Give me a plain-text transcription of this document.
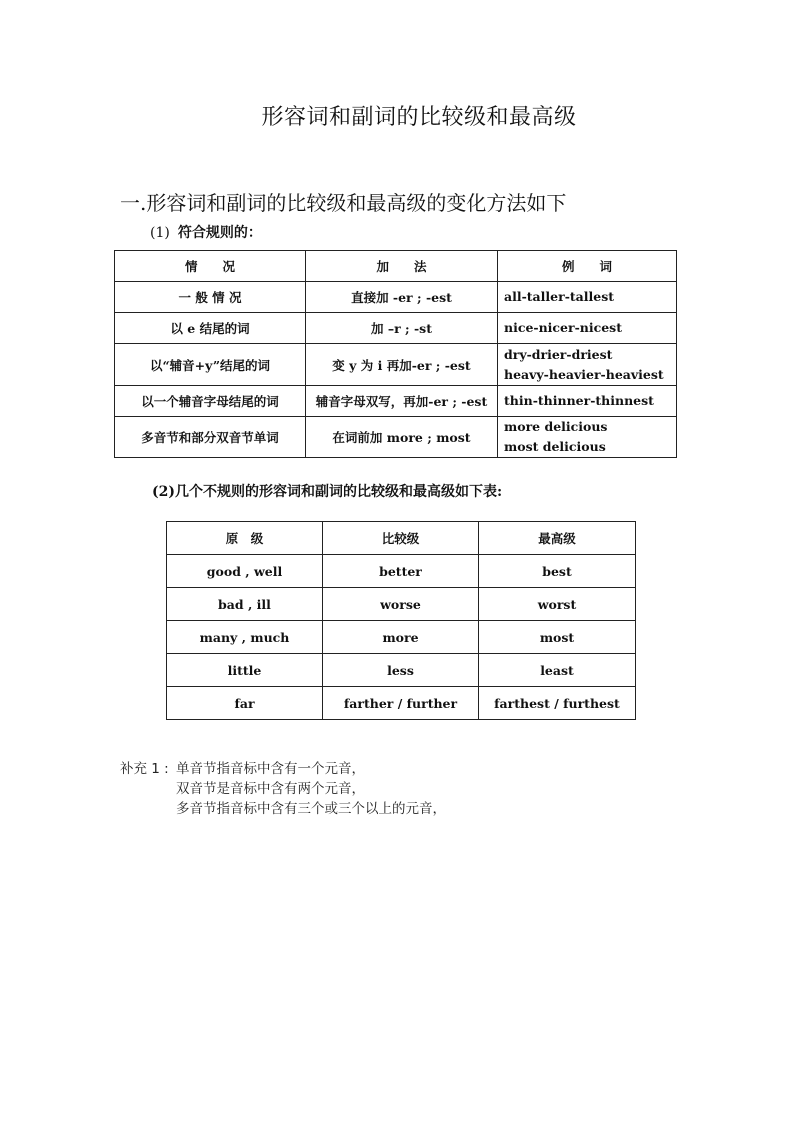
形容词和副词的比较级和最高级
一.形容词和副词的比较级和最高级的变化方法如下
(1) 符合规则的：
情　　况	加　　法	例　　词
一 般 情 况	直接加 -er ; -est	all-taller-tallest

以 e 结尾的词	加 –r ; -st	nice-nicer-nicest

以“辅音+y”结尾的词	变 y 为 i 再加-er ; -est	dry-drier-driest
heavy-heavier-heaviest

以一个辅音字母结尾的词	辅音字母双写，再加-er ; -est	thin-thinner-thinnest

多音节和部分双音节单词	在词前加 more ; most	more delicious
most delicious
(2)几个不规则的形容词和副词的比较级和最高级如下表:
原　级	比较级	最高级
good , well	better	best
bad , ill	worse	worst
many , much	more	most
little	less	least
far	farther / further	farthest / furthest
补充 1 : 单音节指音标中含有一个元音，
双音节是音标中含有两个元音，
多音节指音标中含有三个或三个以上的元音，
